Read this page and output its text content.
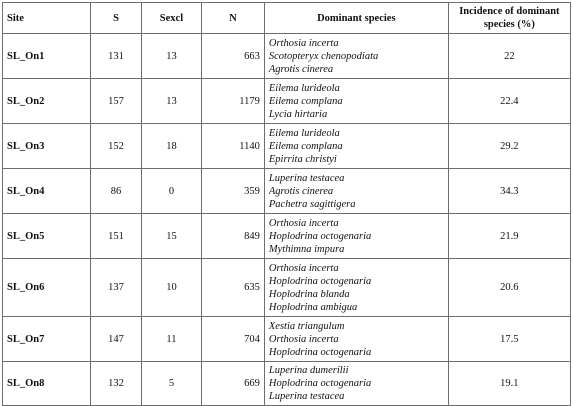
Site	S	Sexcl	N	Dominant species	Incidence of dominant species (%)
SL_On1	131	13	663	Orthosia incerta
Scotopteryx chenopodiata
Agrotis cinerea	22
SL_On2	157	13	1179	Eilema lurideola
Eilema complana
Lycia hirtaria	22.4
SL_On3	152	18	1140	Eilema lurideola
Eilema complana
Epirrita christyi	29.2
SL_On4	86	0	359	Luperina testacea
Agrotis cinerea
Pachetra sagittigera	34.3
SL_On5	151	15	849	Orthosia incerta
Hoplodrina octogenaria
Mythimna impura	21.9
SL_On6	137	10	635	Orthosia incerta
Hoplodrina octogenaria
Hoplodrina blanda
Hoplodrina ambigua	20.6
SL_On7	147	11	704	Xestia triangulum
Orthosia incerta
Hoplodrina octogenaria	17.5
SL_On8	132	5	669	Luperina dumerilii
Hoplodrina octogenaria
Luperina testacea	19.1
